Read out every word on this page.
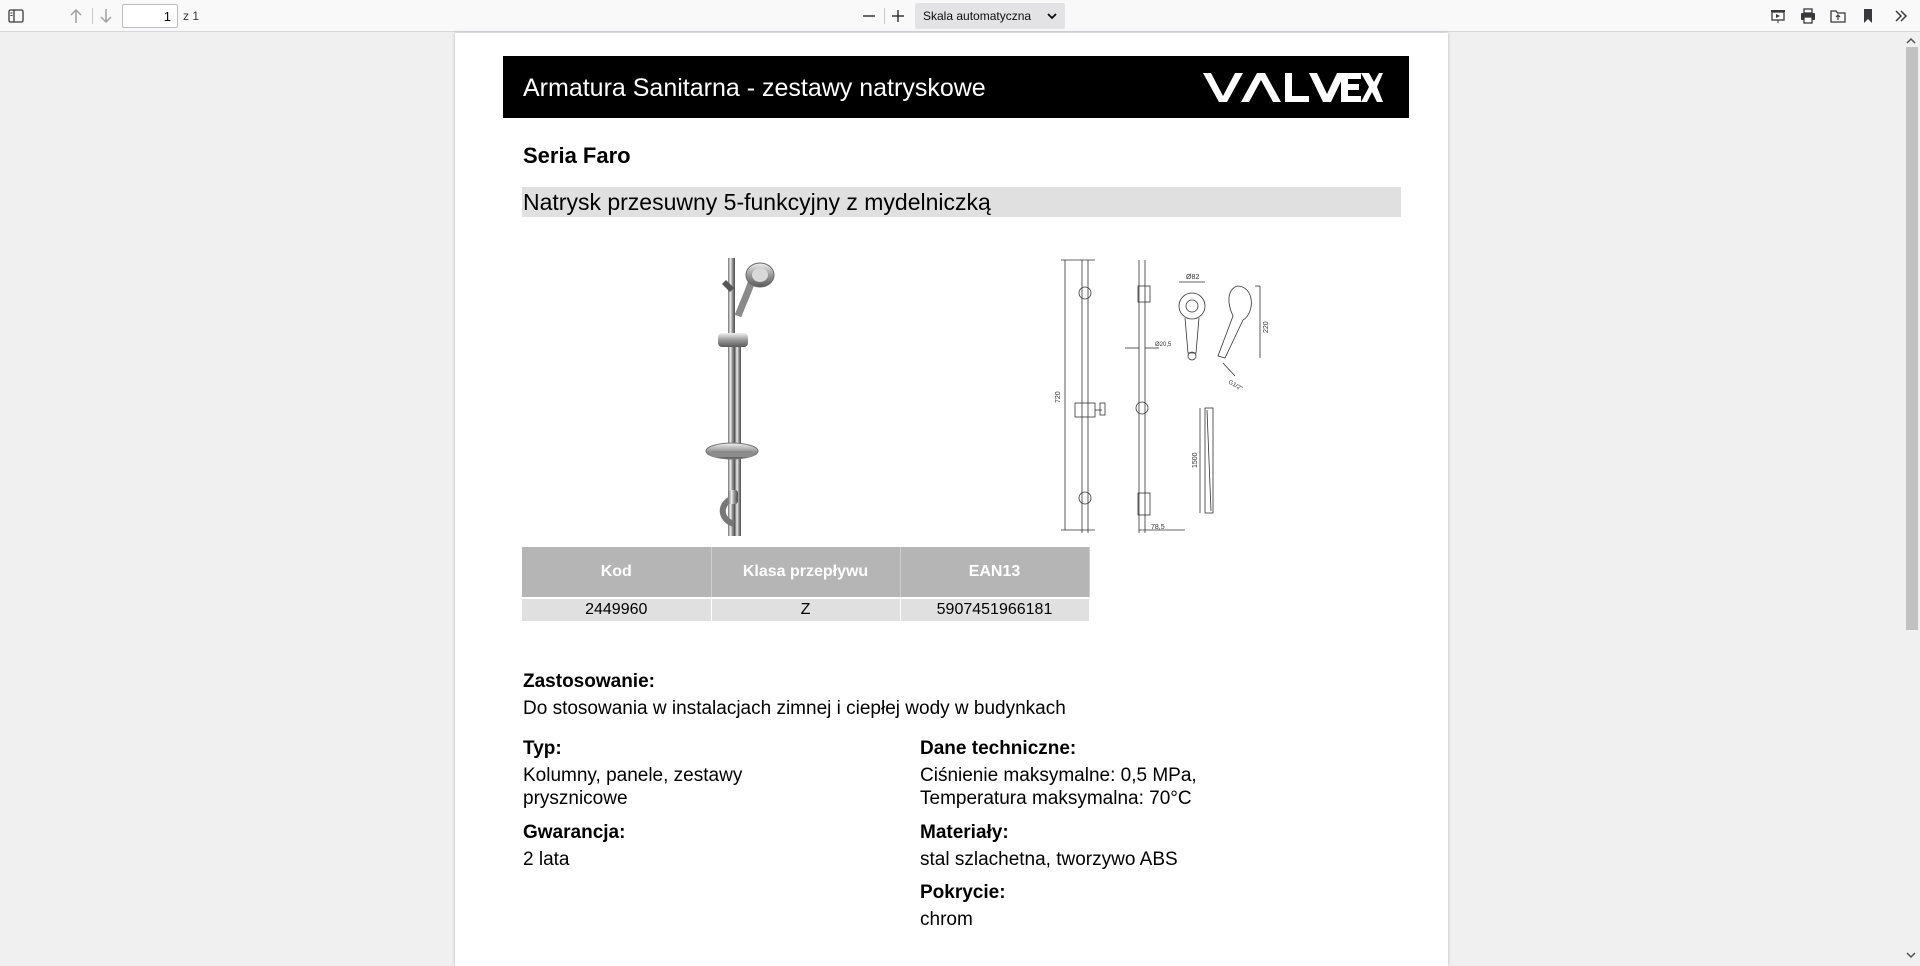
1
z 1	Skala automatyczna
Armatura Sanitarna - zestawy natryskowe
Seria Faro
Natrysk przesuwny 5-funkcyjny z mydelniczką
720
Ø82
Ø20,5
220
G1/2"
1500
78,5
Kod	Klasa przepływu	EAN13
2449960	Z	5907451966181
Zastosowanie:
Do stosowania w instalacjach zimnej i ciepłej wody w budynkach
Typ:
Kolumny, panele, zestawy
prysznicowe
Gwarancja:
2 lata
Dane techniczne:
Ciśnienie maksymalne: 0,5 MPa,
Temperatura maksymalna: 70°C
Materiały:
stal szlachetna, tworzywo ABS
Pokrycie:
chrom
